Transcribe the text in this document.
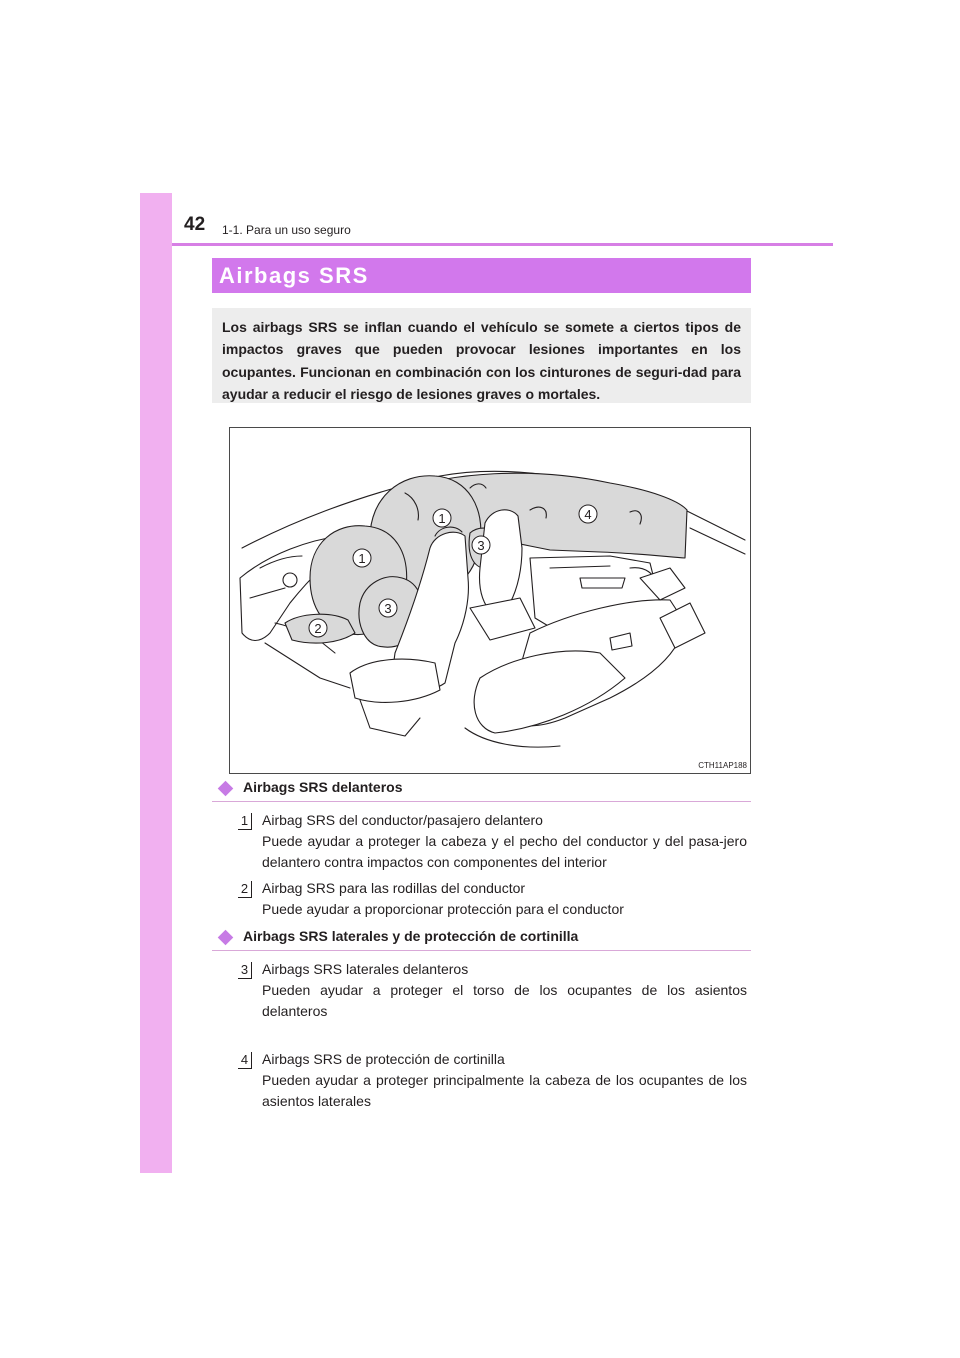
42 1-1. Para un uso seguro
Airbags SRS

Los airbags SRS se inflan cuando el vehículo se somete a ciertos tipos de impactos graves que pueden provocar lesiones importantes en los ocupantes. Funcionan en combinación con los cinturones de seguri-dad para ayudar a reducir el riesgo de lesiones graves o mortales.

1
1
2
3
3
4
CTH11AP188
Airbags SRS delanteros
1 Airbag SRS del conductor/pasajero delantero
Puede ayudar a proteger la cabeza y el pecho del conductor y del pasa-jero delantero contra impactos con componentes del interior
2 Airbag SRS para las rodillas del conductor
Puede ayudar a proporcionar protección para el conductor
Airbags SRS laterales y de protección de cortinilla
3 Airbags SRS laterales delanteros
Pueden ayudar a proteger el torso de los ocupantes de los asientos delanteros
4 Airbags SRS de protección de cortinilla
Pueden ayudar a proteger principalmente la cabeza de los ocupantes de los asientos laterales
